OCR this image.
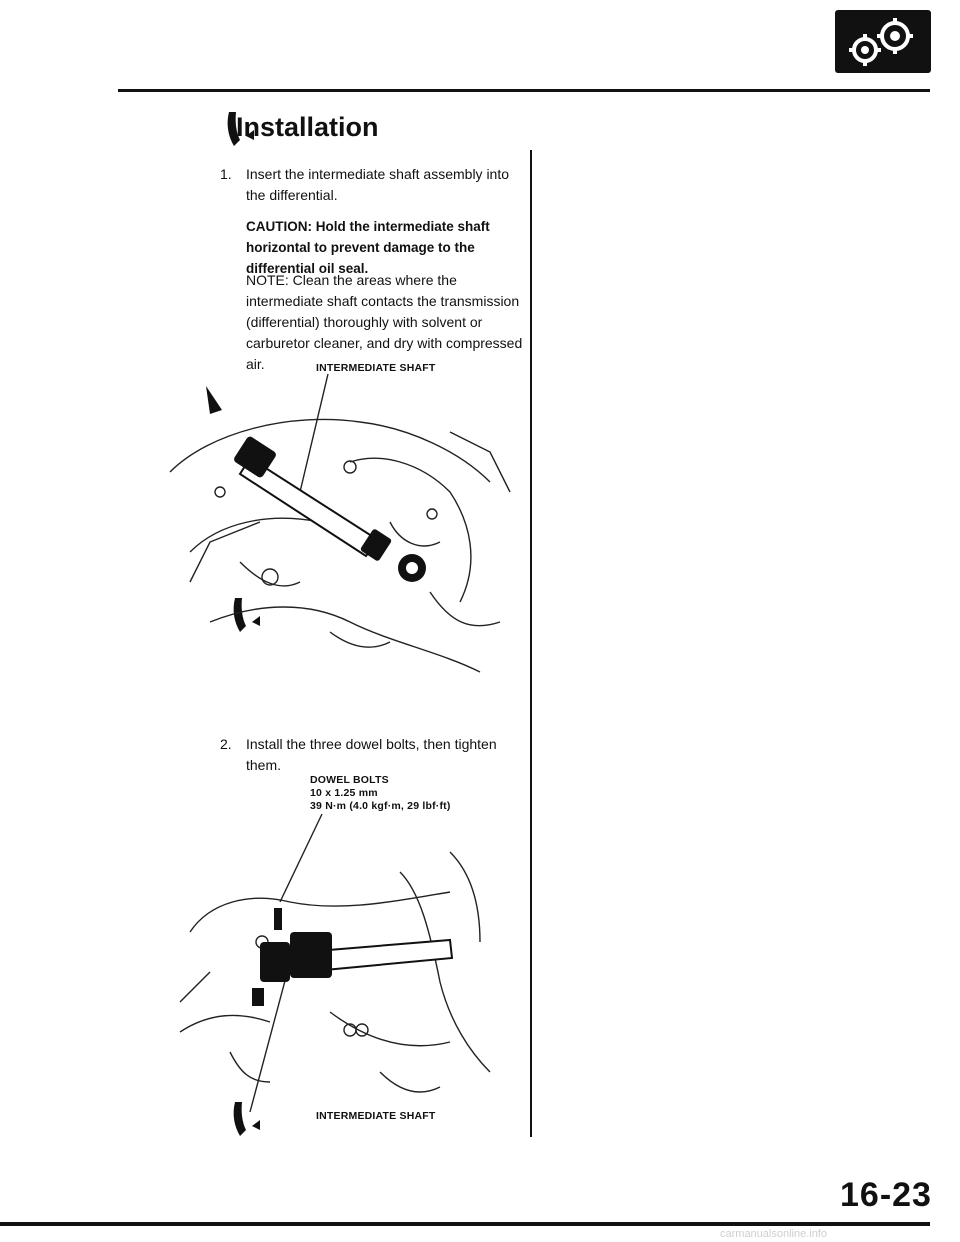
Installation

1. Insert the intermediate shaft assembly into the differential.

CAUTION: Hold the intermediate shaft horizontal to prevent damage to the differential oil seal.

NOTE: Clean the areas where the intermediate shaft contacts the transmission (differential) thoroughly with solvent or carburetor cleaner, and dry with compressed air.	INTERMEDIATE SHAFT

2. Install the three dowel bolts, then tighten them.

DOWEL BOLTS
10 x 1.25 mm
39 N·m (4.0 kgf·m, 29 lbf·ft)
INTERMEDIATE SHAFT
16-23
carmanualsonline.info
